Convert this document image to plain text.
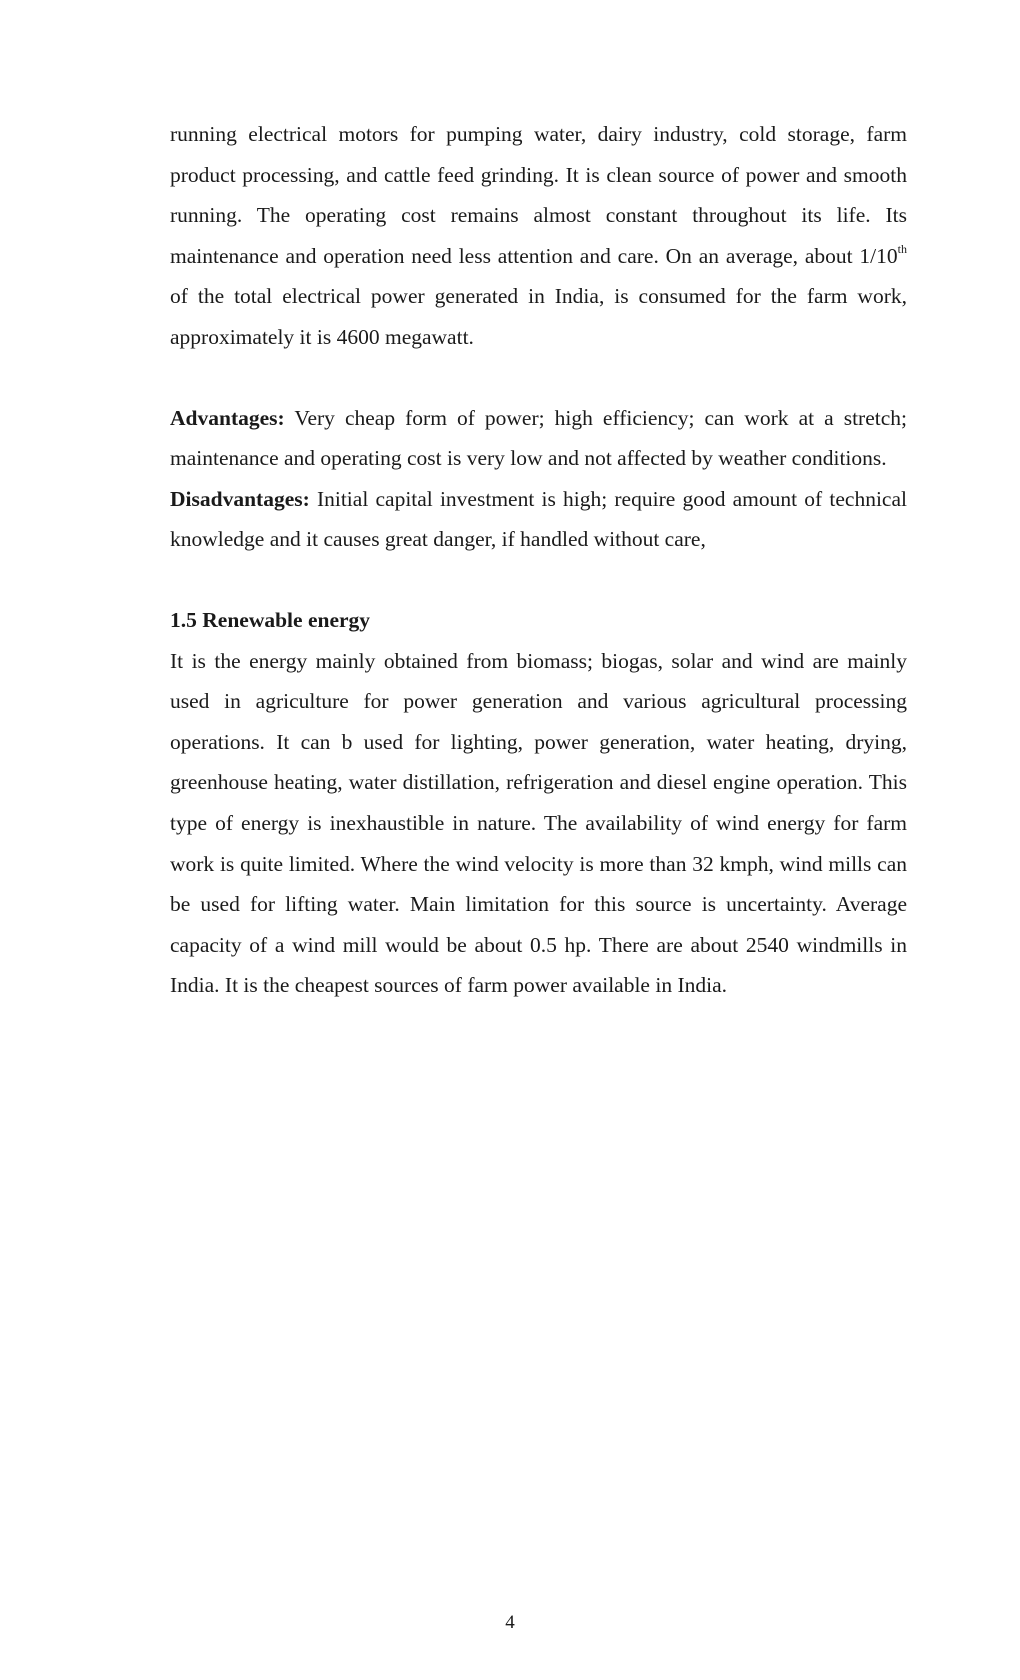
running electrical motors for pumping water, dairy industry, cold storage, farm product processing, and cattle feed grinding. It is clean source of power and smooth running. The operating cost remains almost constant throughout its life. Its maintenance and operation need less attention and care. On an average, about 1/10th of the total electrical power generated in India, is consumed for the farm work, approximately it is 4600 megawatt.

Advantages: Very cheap form of power; high efficiency; can work at a stretch; maintenance and operating cost is very low and not affected by weather conditions.

Disadvantages: Initial capital investment is high; require good amount of technical knowledge and it causes great danger, if handled without care,

1.5 Renewable energy

It is the energy mainly obtained from biomass; biogas, solar and wind are mainly used in agriculture for power generation and various agricultural processing operations. It can b used for lighting, power generation, water heating, drying, greenhouse heating, water distillation, refrigeration and diesel engine operation. This type of energy is inexhaustible in nature. The availability of wind energy for farm work is quite limited. Where the wind velocity is more than 32 kmph, wind mills can be used for lifting water. Main limitation for this source is uncertainty. Average capacity of a wind mill would be about 0.5 hp. There are about 2540 windmills in India. It is the cheapest sources of farm power available in India.

4
